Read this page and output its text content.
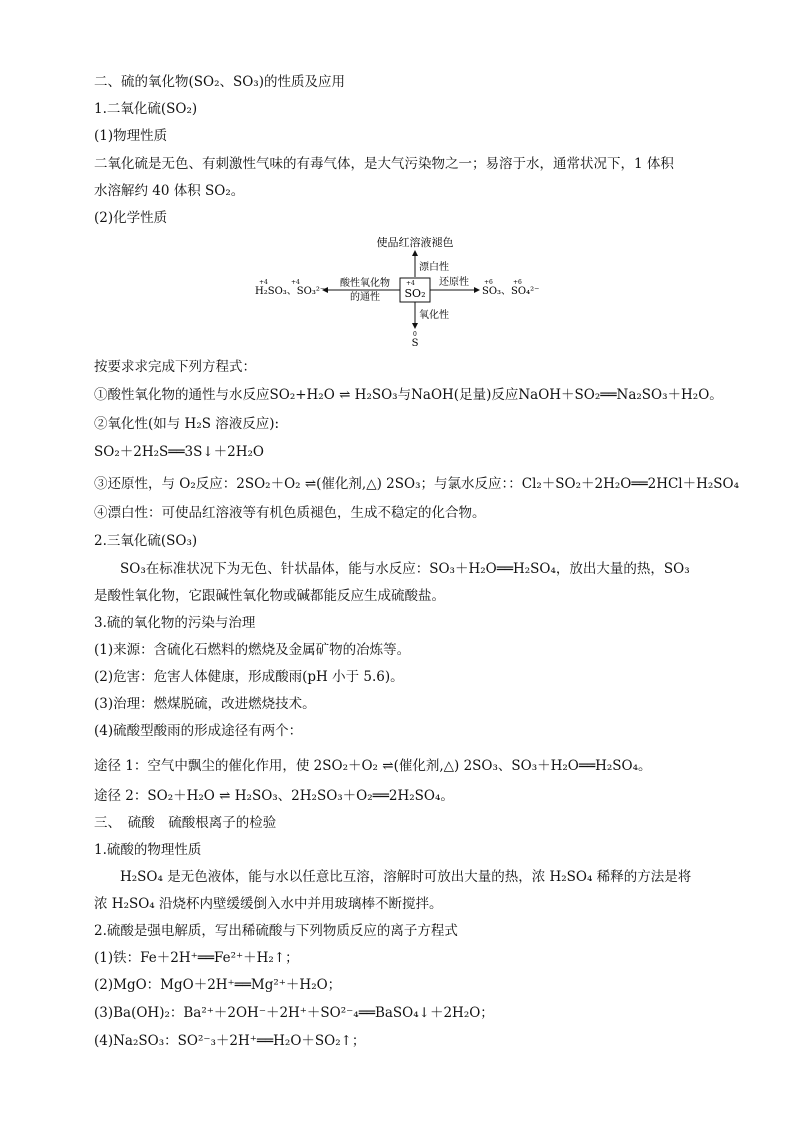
二、硫的氧化物(SO₂、SO₃)的性质及应用
1.二氧化硫(SO₂)
(1)物理性质
二氧化硫是无色、有刺激性气味的有毒气体，是大气污染物之一；易溶于水，通常状况下，1 体积
水溶解约 40 体积 SO₂。
(2)化学性质
使品红溶液褪色
漂白性
+4
SO₂
酸性氧化物
的通性
+4	+4
H₂SO₃、SO₃²⁻
还原性	+6	+6
SO₃、SO₄²⁻
氧化性
0
S
按要求求完成下列方程式：
①酸性氧化物的通性与水反应SO₂+H₂O ⇌ H₂SO₃与NaOH(足量)反应NaOH＋SO₂══Na₂SO₃＋H₂O。
②氧化性(如与 H₂S 溶液反应):
SO₂＋2H₂S══3S↓＋2H₂O
③还原性，与 O₂反应：2SO₂＋O₂ ⇌(催化剂,△) 2SO₃；与氯水反应：：Cl₂＋SO₂＋2H₂O══2HCl＋H₂SO₄
④漂白性：可使品红溶液等有机色质褪色，生成不稳定的化合物。
2.三氧化硫(SO₃)
SO₃在标准状况下为无色、针状晶体，能与水反应：SO₃＋H₂O══H₂SO₄，放出大量的热，SO₃
是酸性氧化物，它跟碱性氧化物或碱都能反应生成硫酸盐。
3.硫的氧化物的污染与治理
(1)来源：含硫化石燃料的燃烧及金属矿物的冶炼等。
(2)危害：危害人体健康，形成酸雨(pH 小于 5.6)。
(3)治理：燃煤脱硫，改进燃烧技术。
(4)硫酸型酸雨的形成途径有两个：
途径 1：空气中飘尘的催化作用，使 2SO₂＋O₂ ⇌(催化剂,△) 2SO₃、SO₃＋H₂O══H₂SO₄。
途径 2：SO₂＋H₂O ⇌ H₂SO₃、2H₂SO₃＋O₂══2H₂SO₄。
三、　硫酸　硫酸根离子的检验
1.硫酸的物理性质
H₂SO₄ 是无色液体，能与水以任意比互溶，溶解时可放出大量的热，浓 H₂SO₄ 稀释的方法是将
浓 H₂SO₄ 沿烧杯内壁缓缓倒入水中并用玻璃棒不断搅拌。
2.硫酸是强电解质，写出稀硫酸与下列物质反应的离子方程式
(1)铁：Fe＋2H⁺══Fe²⁺＋H₂↑；
(2)MgO：MgO＋2H⁺══Mg²⁺＋H₂O；
(3)Ba(OH)₂：Ba²⁺＋2OH⁻＋2H⁺＋SO²⁻₄══BaSO₄↓＋2H₂O；
(4)Na₂SO₃：SO²⁻₃＋2H⁺══H₂O＋SO₂↑；
